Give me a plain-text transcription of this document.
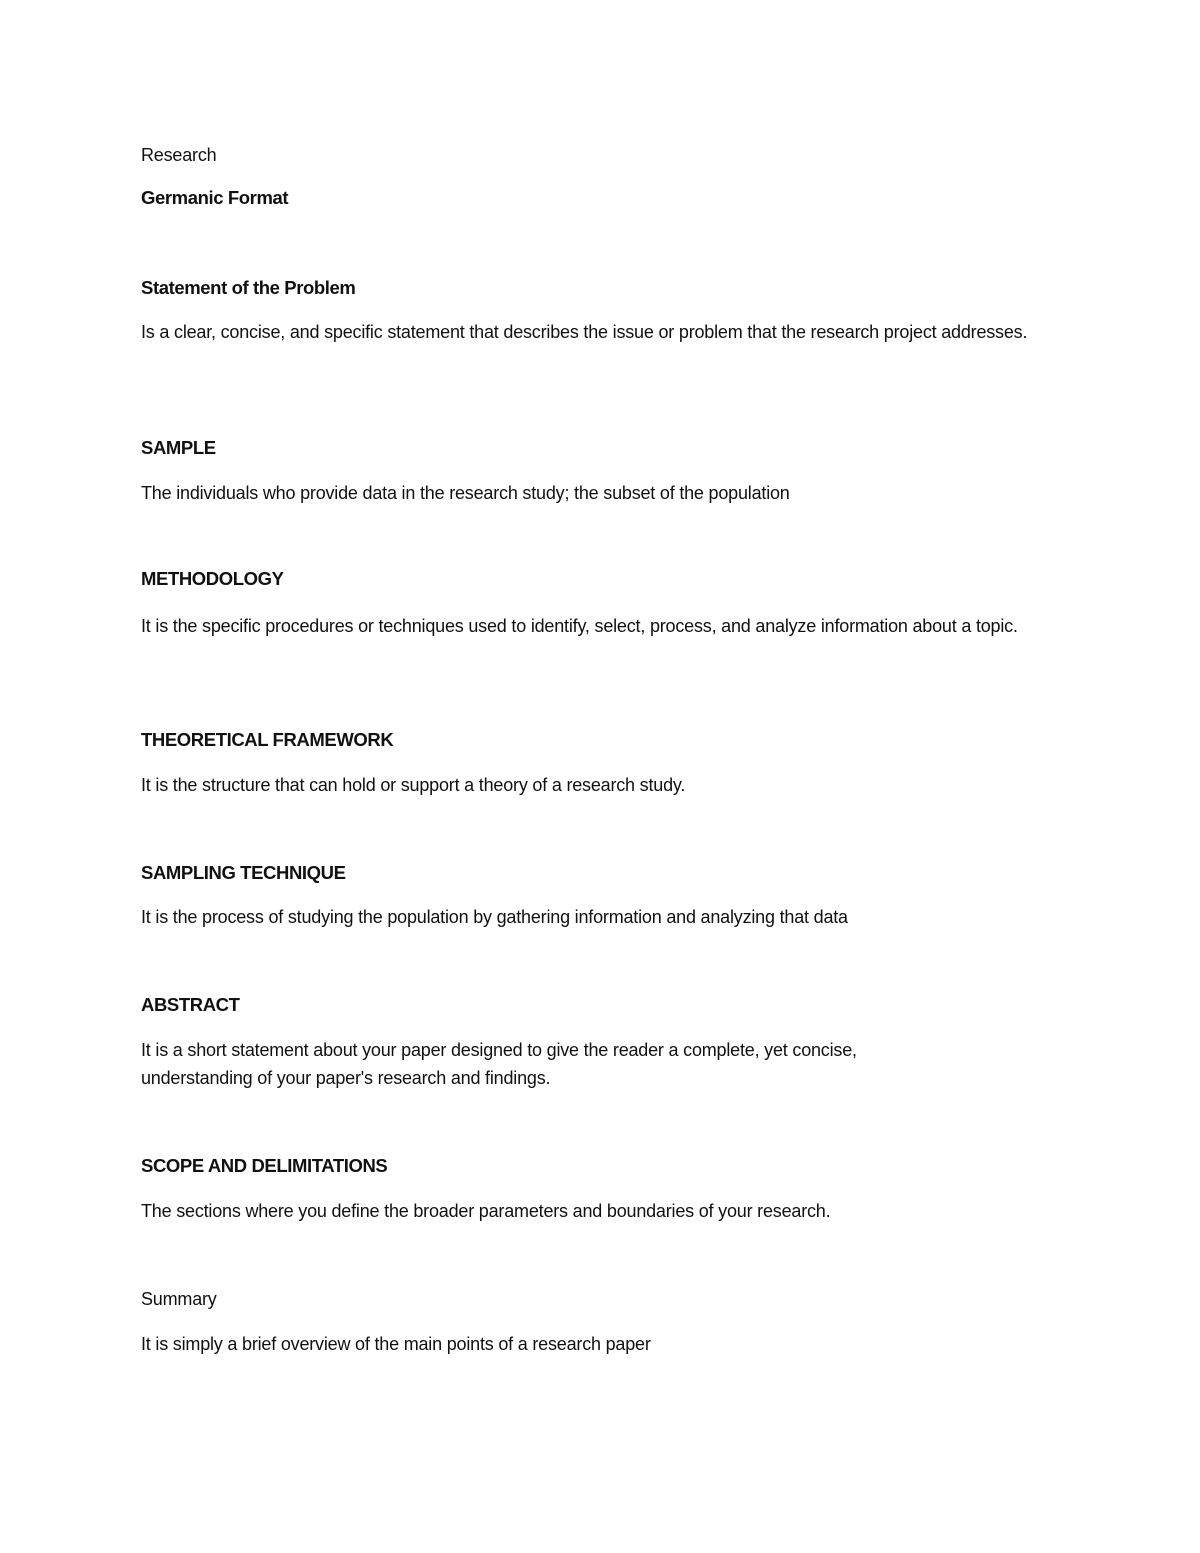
Research
Germanic Format
Statement of the Problem
Is a clear, concise, and specific statement that describes the issue or problem that the research project addresses.
SAMPLE
The individuals who provide data in the research study; the subset of the population
METHODOLOGY
It is the specific procedures or techniques used to identify, select, process, and analyze information about a topic.
THEORETICAL FRAMEWORK
It is the structure that can hold or support a theory of a research study.
SAMPLING TECHNIQUE
It is the process of studying the population by gathering information and analyzing that data
ABSTRACT
It is a short statement about your paper designed to give the reader a complete, yet concise, understanding of your paper's research and findings.
SCOPE AND DELIMITATIONS
The sections where you define the broader parameters and boundaries of your research.
Summary
It is simply a brief overview of the main points of a research paper
